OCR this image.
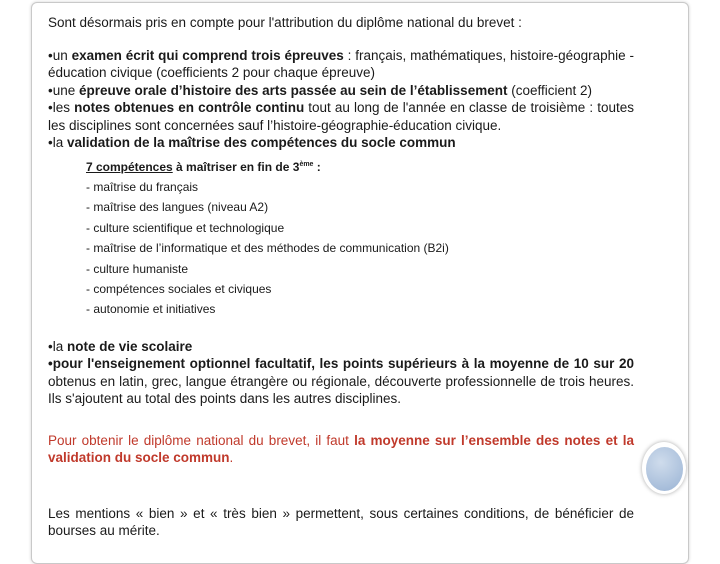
Sont désormais pris en compte pour l'attribution du diplôme national du brevet :

•un examen écrit qui comprend trois épreuves : français, mathématiques, histoire-géographie - éducation civique (coefficients 2 pour chaque épreuve)

•une épreuve orale d’histoire des arts passée au sein de l’établissement (coefficient 2)

•les notes obtenues en contrôle continu tout au long de l'année en classe de troisième : toutes les disciplines sont concernées sauf l’histoire-géographie-éducation civique.

•la validation de la maîtrise des compétences du socle commun

7 compétences à maîtriser en fin de 3ème :
- maîtrise du français
- maîtrise des langues (niveau A2)
- culture scientifique et technologique
- maîtrise de l’informatique et des méthodes de communication (B2i)
- culture humaniste
- compétences sociales et civiques
- autonomie et initiatives

•la note de vie scolaire

•pour l'enseignement optionnel facultatif, les points supérieurs à la moyenne de 10 sur 20 obtenus en latin, grec, langue étrangère ou régionale, découverte professionnelle de trois heures. Ils s'ajoutent au total des points dans les autres disciplines.

Pour obtenir le diplôme national du brevet, il faut la moyenne sur l’ensemble des notes et la validation du socle commun.

Les mentions « bien » et « très bien » permettent, sous certaines conditions, de bénéficier de bourses au mérite.
